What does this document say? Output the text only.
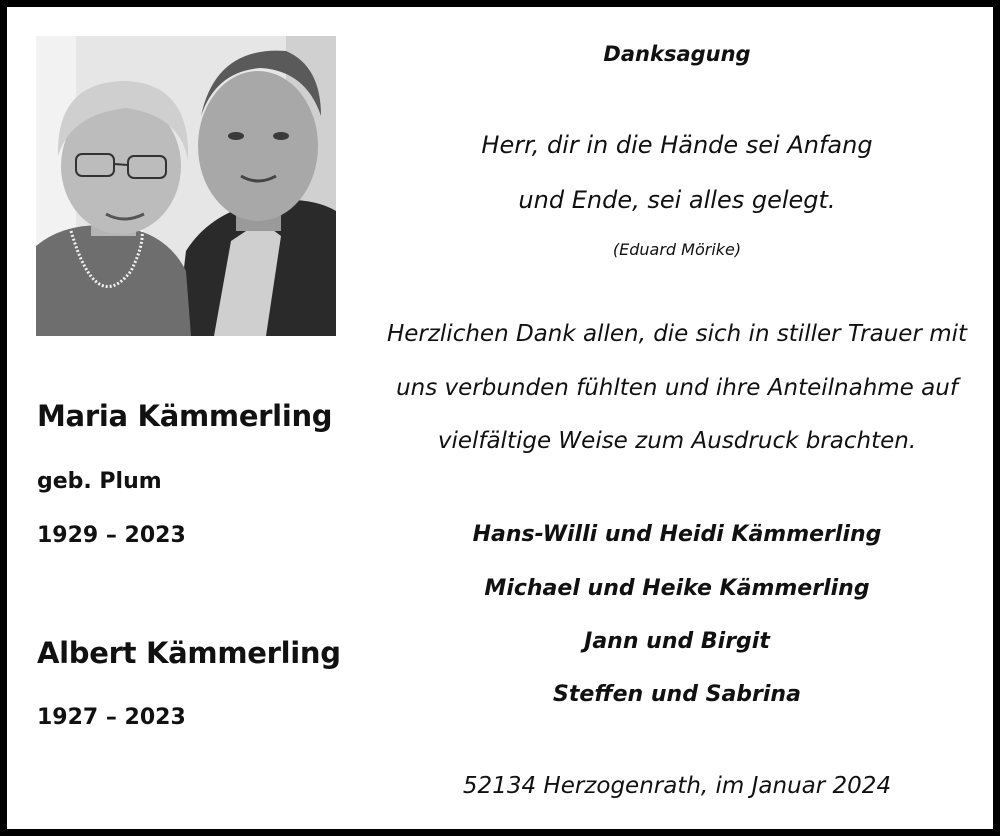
Maria Kämmerling
geb. Plum
1929 – 2023
Albert Kämmerling
1927 – 2023
Danksagung
Herr, dir in die Hände sei Anfang
und Ende, sei alles gelegt.
(Eduard Mörike)
Herzlichen Dank allen, die sich in stiller Trauer mit
uns verbunden fühlten und ihre Anteilnahme auf
vielfältige Weise zum Ausdruck brachten.
Hans-Willi und Heidi Kämmerling
Michael und Heike Kämmerling
Jann und Birgit
Steffen und Sabrina
52134 Herzogenrath, im Januar 2024
